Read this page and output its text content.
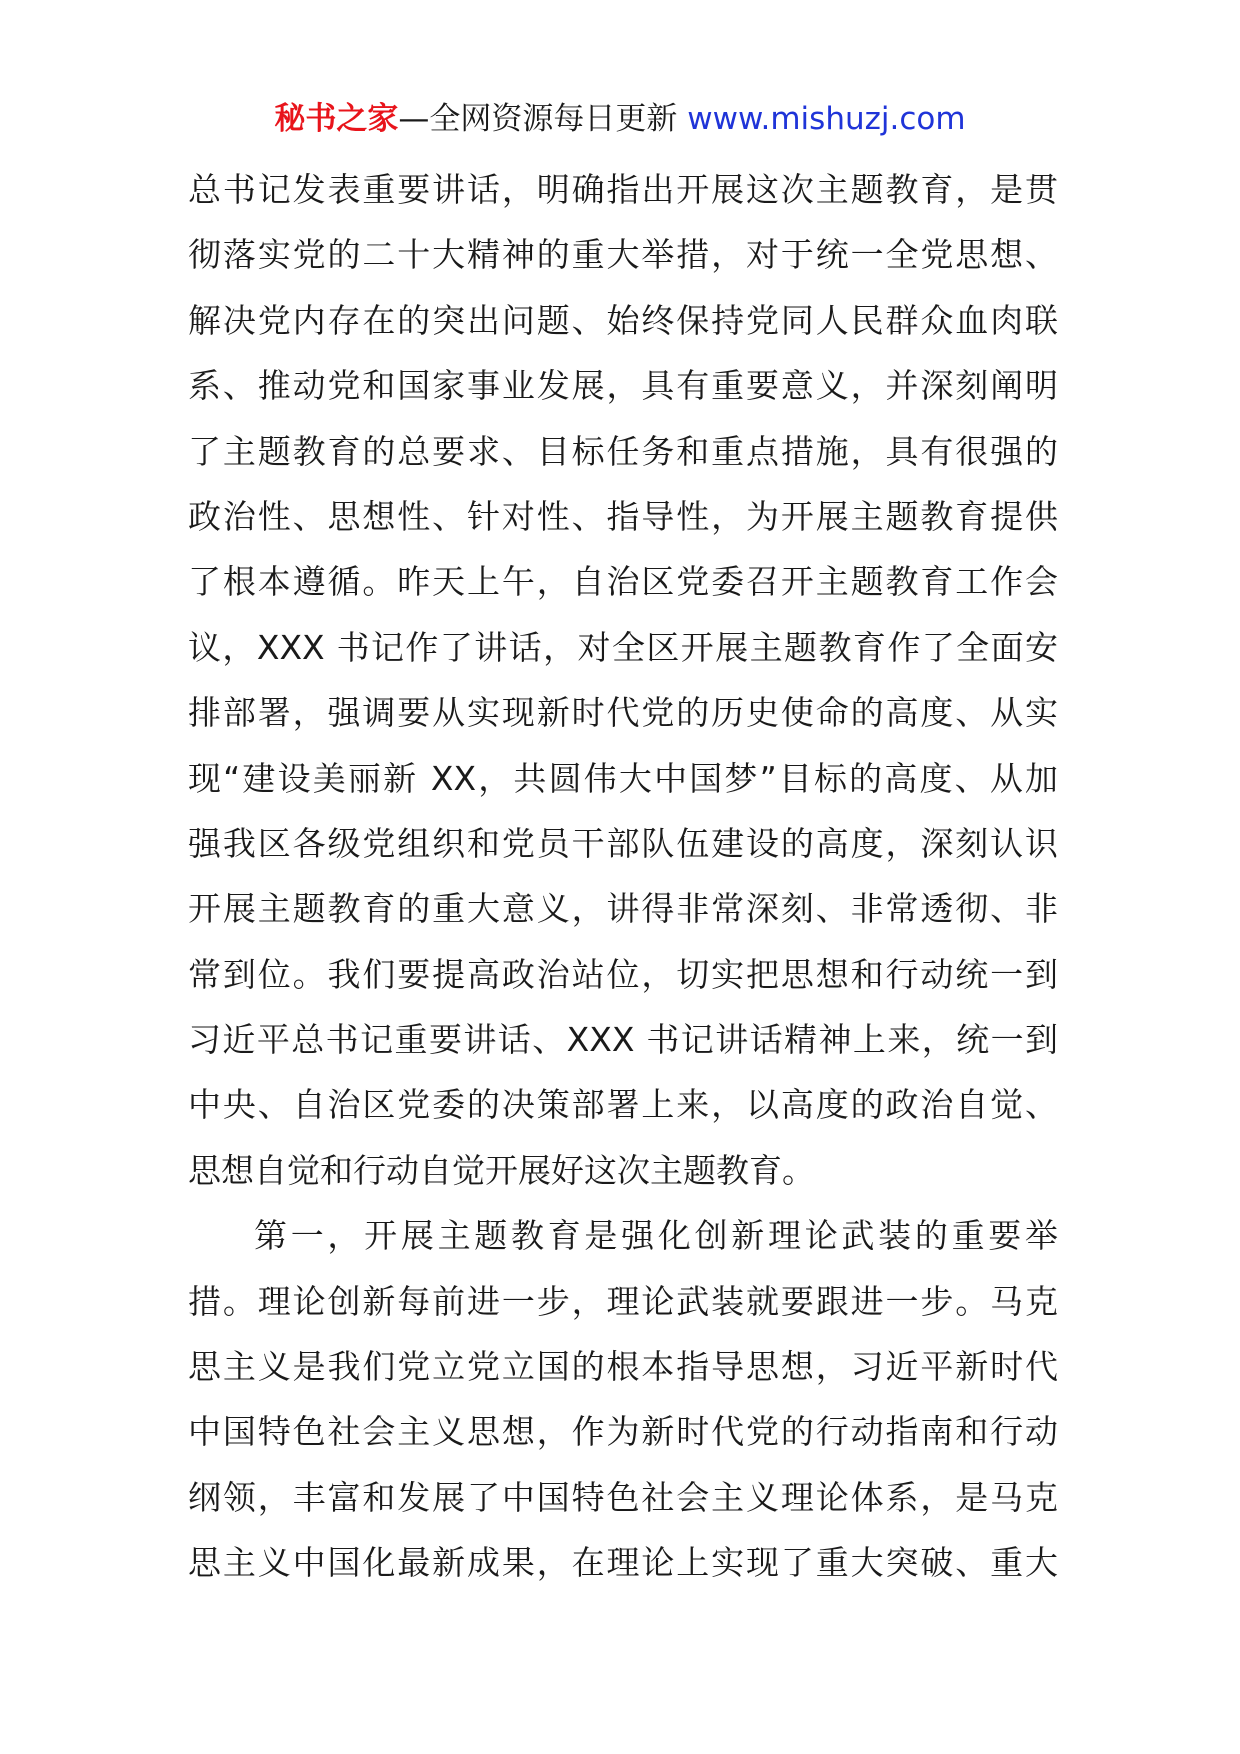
秘书之家—全网资源每日更新 www.mishuzj.com
总书记发表重要讲话，明确指出开展这次主题教育，是贯
彻落实党的二十大精神的重大举措，对于统一全党思想、
解决党内存在的突出问题、始终保持党同人民群众血肉联
系、推动党和国家事业发展，具有重要意义，并深刻阐明
了主题教育的总要求、目标任务和重点措施，具有很强的
政治性、思想性、针对性、指导性，为开展主题教育提供
了根本遵循。昨天上午，自治区党委召开主题教育工作会
议，XXX 书记作了讲话，对全区开展主题教育作了全面安
排部署，强调要从实现新时代党的历史使命的高度、从实
现“建设美丽新 XX，共圆伟大中国梦”目标的高度、从加
强我区各级党组织和党员干部队伍建设的高度，深刻认识
开展主题教育的重大意义，讲得非常深刻、非常透彻、非
常到位。我们要提高政治站位，切实把思想和行动统一到
习近平总书记重要讲话、XXX 书记讲话精神上来，统一到
中央、自治区党委的决策部署上来，以高度的政治自觉、
思想自觉和行动自觉开展好这次主题教育。
第一，开展主题教育是强化创新理论武装的重要举
措。理论创新每前进一步，理论武装就要跟进一步。马克
思主义是我们党立党立国的根本指导思想，习近平新时代
中国特色社会主义思想，作为新时代党的行动指南和行动
纲领，丰富和发展了中国特色社会主义理论体系，是马克
思主义中国化最新成果，在理论上实现了重大突破、重大
